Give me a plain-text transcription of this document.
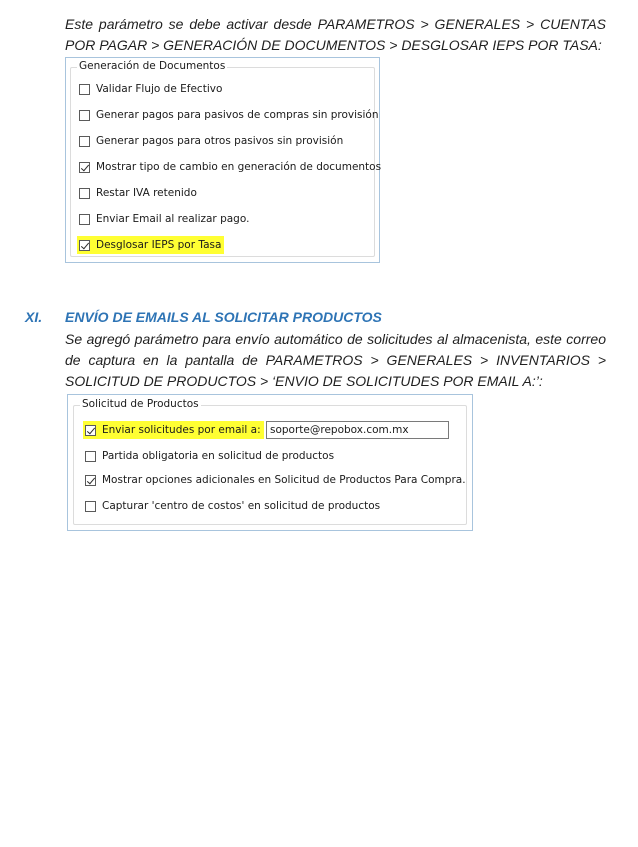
Este parámetro se debe activar desde PARAMETROS > GENERALES > CUENTAS POR PAGAR > GENERACIÓN DE DOCUMENTOS > DESGLOSAR IEPS POR TASA:
Generación de Documentos
Validar Flujo de Efectivo
Generar pagos para pasivos de compras sin provisión
Generar pagos para otros pasivos sin provisión
Mostrar tipo de cambio en generación de documentos
Restar IVA retenido
Enviar Email al realizar pago.
Desglosar IEPS por Tasa
XI. ENVÍO DE EMAILS AL SOLICITAR PRODUCTOS
Se agregó parámetro para envío automático de solicitudes al almacenista, este correo de captura en la pantalla de PARAMETROS > GENERALES > INVENTARIOS > SOLICITUD DE PRODUCTOS > ‘ENVIO DE SOLICITUDES POR EMAIL A:’:
Solicitud de Productos
Enviar solicitudes por email a:
soporte@repobox.com.mx
Partida obligatoria en solicitud de productos
Mostrar opciones adicionales en Solicitud de Productos Para Compra.
Capturar 'centro de costos' en solicitud de productos
